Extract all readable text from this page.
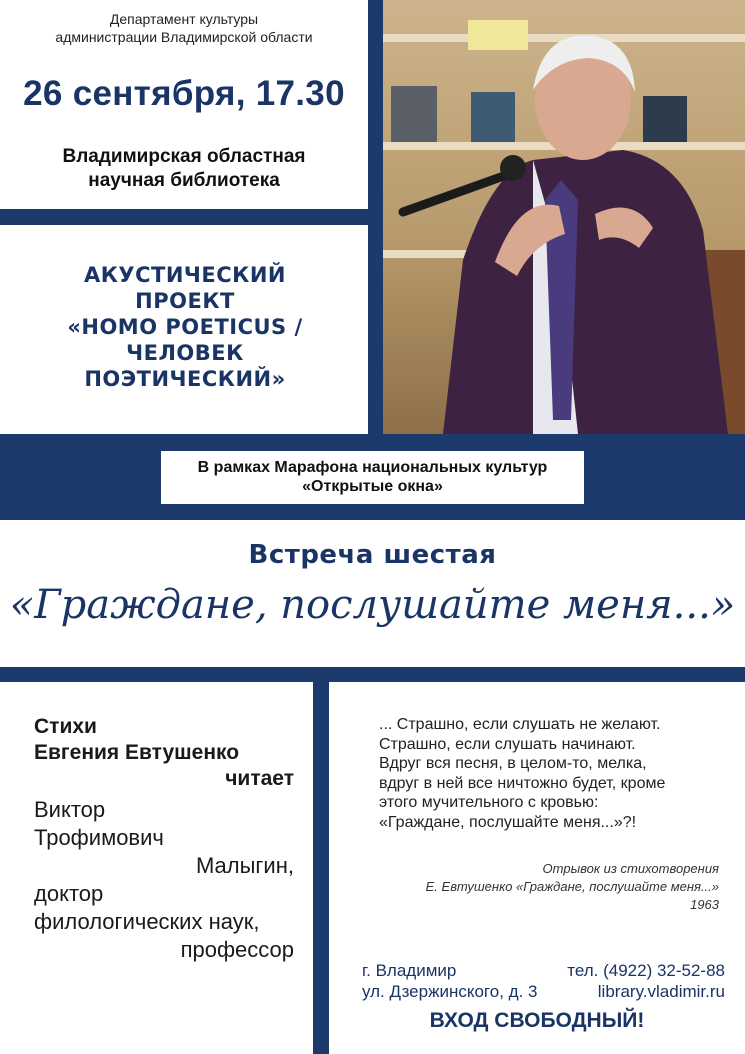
Департамент культуры
администрации Владимирской области
26 сентября, 17.30
Владимирская областная
научная библиотека
АКУСТИЧЕСКИЙ
ПРОЕКТ
«HOMO POETICUS /
ЧЕЛОВЕК
ПОЭТИЧЕСКИЙ»
В рамках Марафона национальных культур
«Открытые окна»
Встреча шестая
«Граждане, послушайте меня...»
Стихи
Евгения Евтушенко
читает
Виктор
Трофимович
Малыгин,
доктор
филологических наук,
профессор
... Страшно, если слушать не желают.
Страшно, если слушать начинают.
Вдруг вся песня, в целом-то, мелка,
вдруг в ней все ничтожно будет, кроме
этого мучительного с кровью:
«Граждане, послушайте меня...»?!
Отрывок из стихотворения
Е. Евтушенко «Граждане, послушайте меня...»
1963
г. Владимир	тел. (4922) 32-52-88
ул. Дзержинского, д. 3	library.vladimir.ru
ВХОД СВОБОДНЫЙ!
